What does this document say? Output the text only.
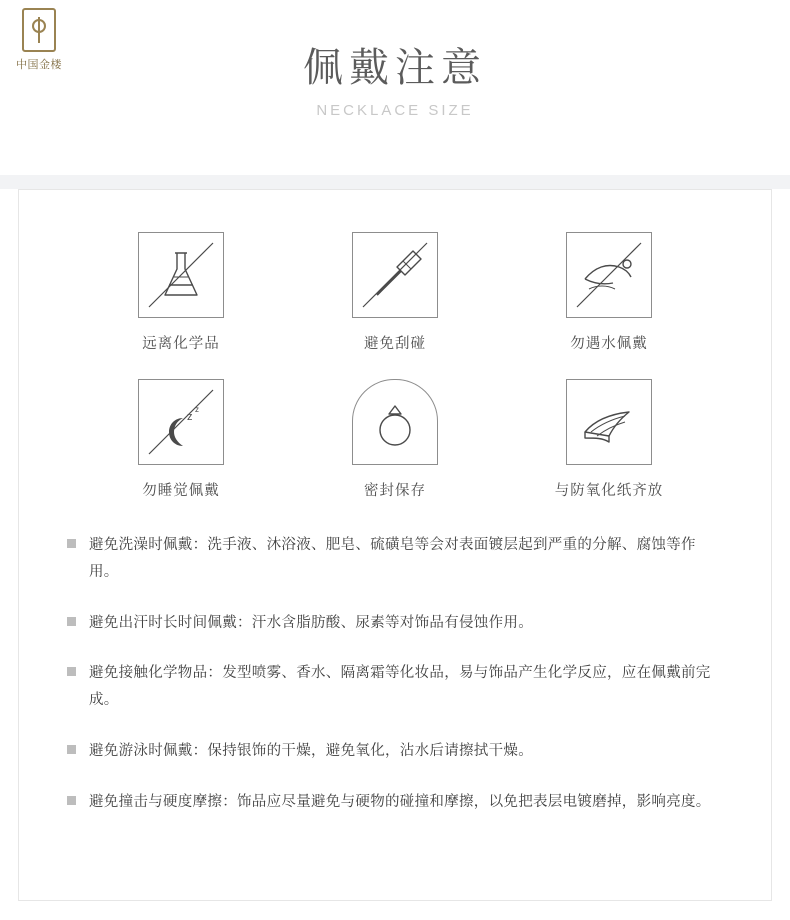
中国金楼	佩戴注意
NECKLACE SIZE
远离化学品	避免刮碰	勿遇水佩戴
z
z
勿睡觉佩戴	密封保存	与防氧化纸齐放
避免洗澡时佩戴：洗手液、沐浴液、肥皂、硫磺皂等会对表面镀层起到严重的分解、腐蚀等作用。
避免出汗时长时间佩戴：汗水含脂肪酸、尿素等对饰品有侵蚀作用。
避免接触化学物品：发型喷雾、香水、隔离霜等化妆品，易与饰品产生化学反应，应在佩戴前完成。
避免游泳时佩戴：保持银饰的干燥，避免氧化，沾水后请擦拭干燥。
避免撞击与硬度摩擦：饰品应尽量避免与硬物的碰撞和摩擦，以免把表层电镀磨掉，影响亮度。
